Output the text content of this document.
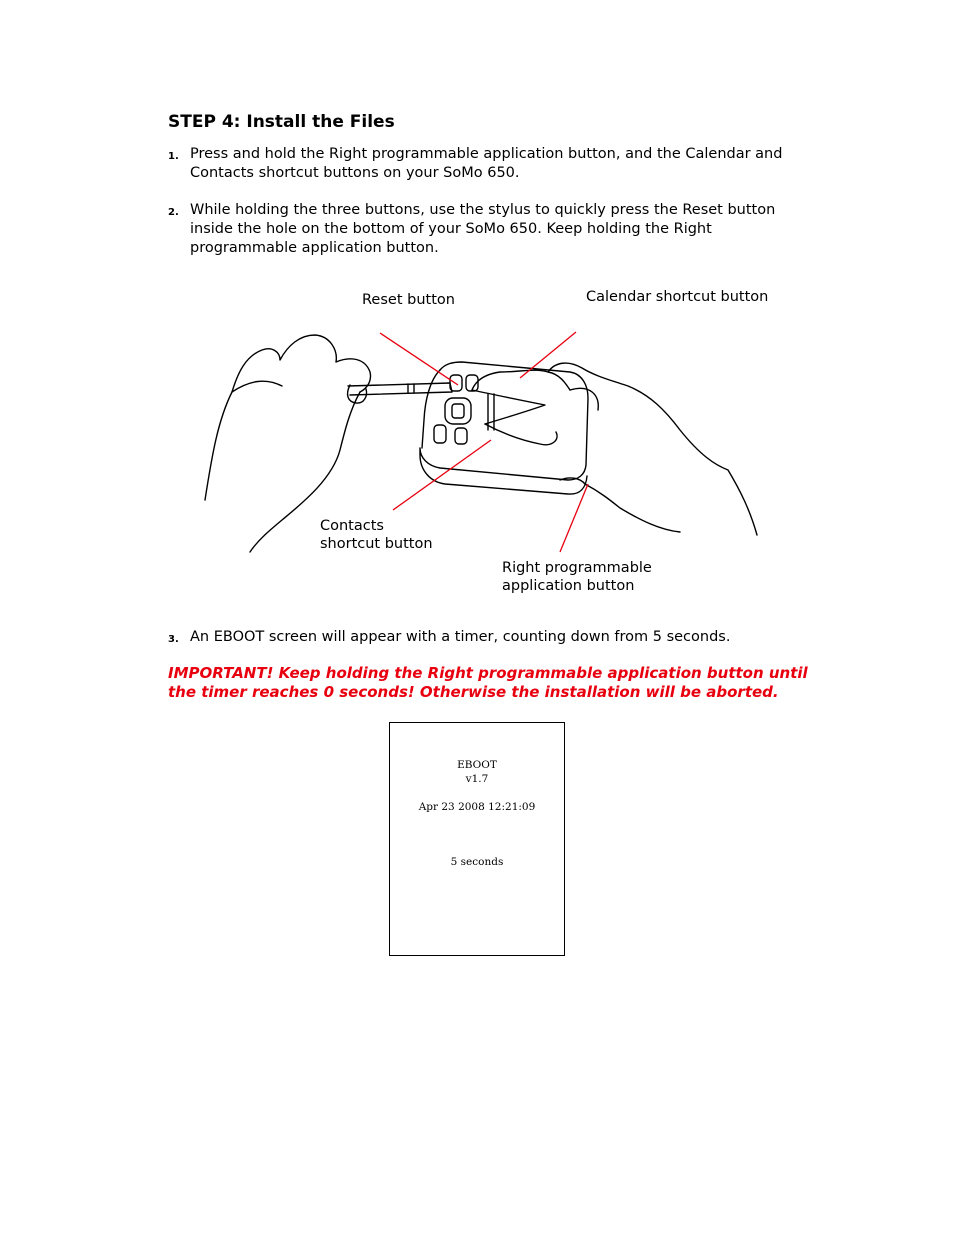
STEP 4: Install the Files
1. Press and hold the Right programmable application button, and the Calendar and Contacts shortcut buttons on your SoMo 650.
2. While holding the three buttons, use the stylus to quickly press the Reset button inside the hole on the bottom of your SoMo 650. Keep holding the Right programmable application button.
Reset button	Calendar shortcut button
Contacts
shortcut button
Right programmable
application button
3. An EBOOT screen will appear with a timer, counting down from 5 seconds.
IMPORTANT! Keep holding the Right programmable application button until the timer reaches 0 seconds! Otherwise the installation will be aborted.
EBOOT
v1.7
Apr 23 2008 12:21:09
5 seconds
